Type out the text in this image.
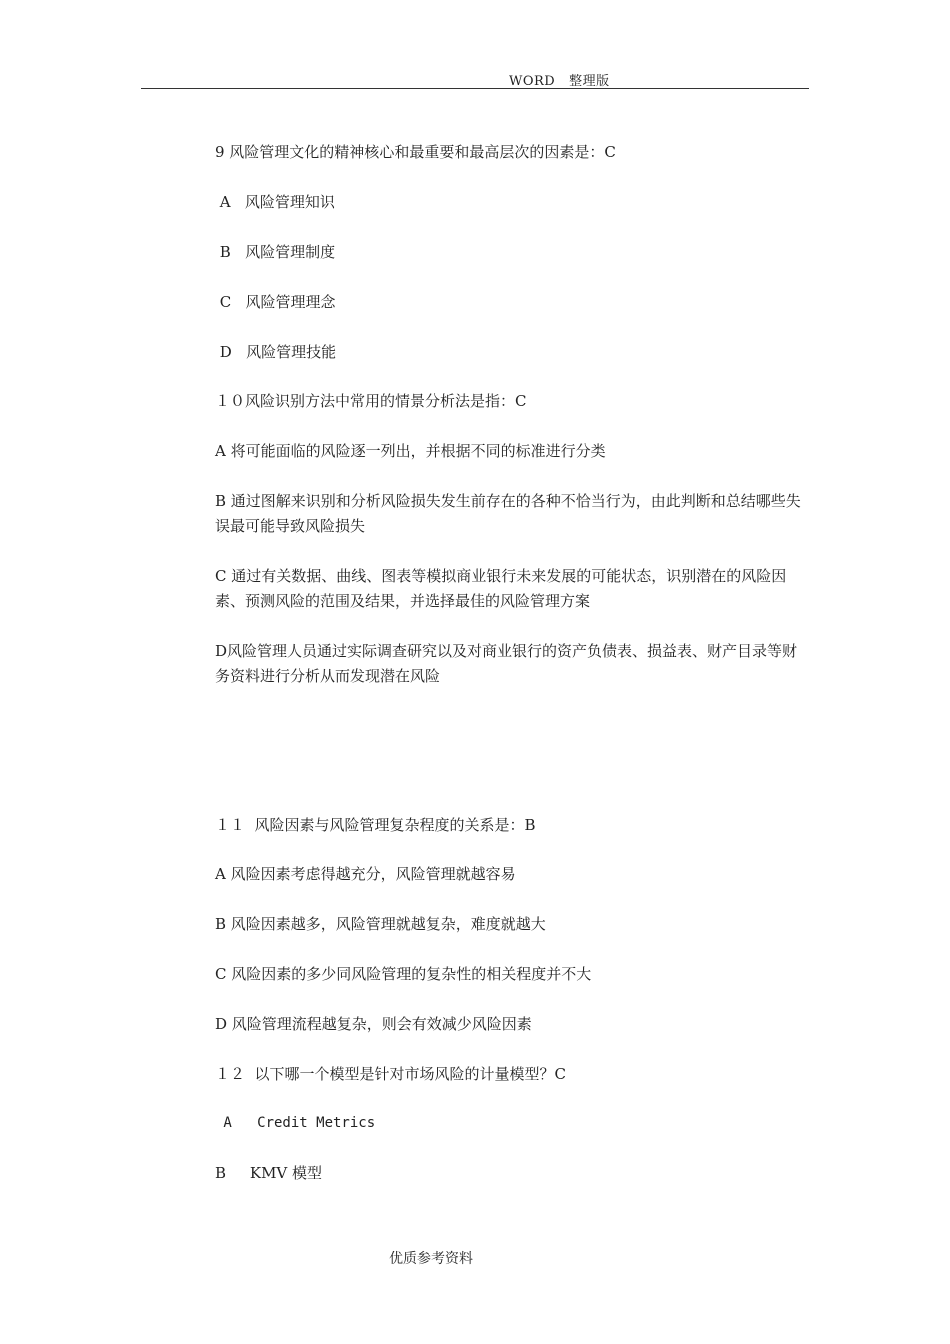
WORD   整理版
9 风险管理文化的精神核心和最重要和最高层次的因素是：C
A   风险管理知识
B   风险管理制度
C   风险管理理念
D   风险管理技能
１０风险识别方法中常用的情景分析法是指：C
A 将可能面临的风险逐一列出，并根据不同的标准进行分类
B 通过图解来识别和分析风险损失发生前存在的各种不恰当行为，由此判断和总结哪些失误最可能导致风险损失
C 通过有关数据、曲线、图表等模拟商业银行未来发展的可能状态，识别潜在的风险因素、预测风险的范围及结果，并选择最佳的风险管理方案
D风险管理人员通过实际调查研究以及对商业银行的资产负债表、损益表、财产目录等财务资料进行分析从而发现潜在风险
１１  风险因素与风险管理复杂程度的关系是：B
A 风险因素考虑得越充分，风险管理就越容易
B 风险因素越多，风险管理就越复杂，难度就越大
C 风险因素的多少同风险管理的复杂性的相关程度并不大
D 风险管理流程越复杂，则会有效减少风险因素
１２  以下哪一个模型是针对市场风险的计量模型？C
A   Credit Metrics
B     KMV 模型
优质参考资料
